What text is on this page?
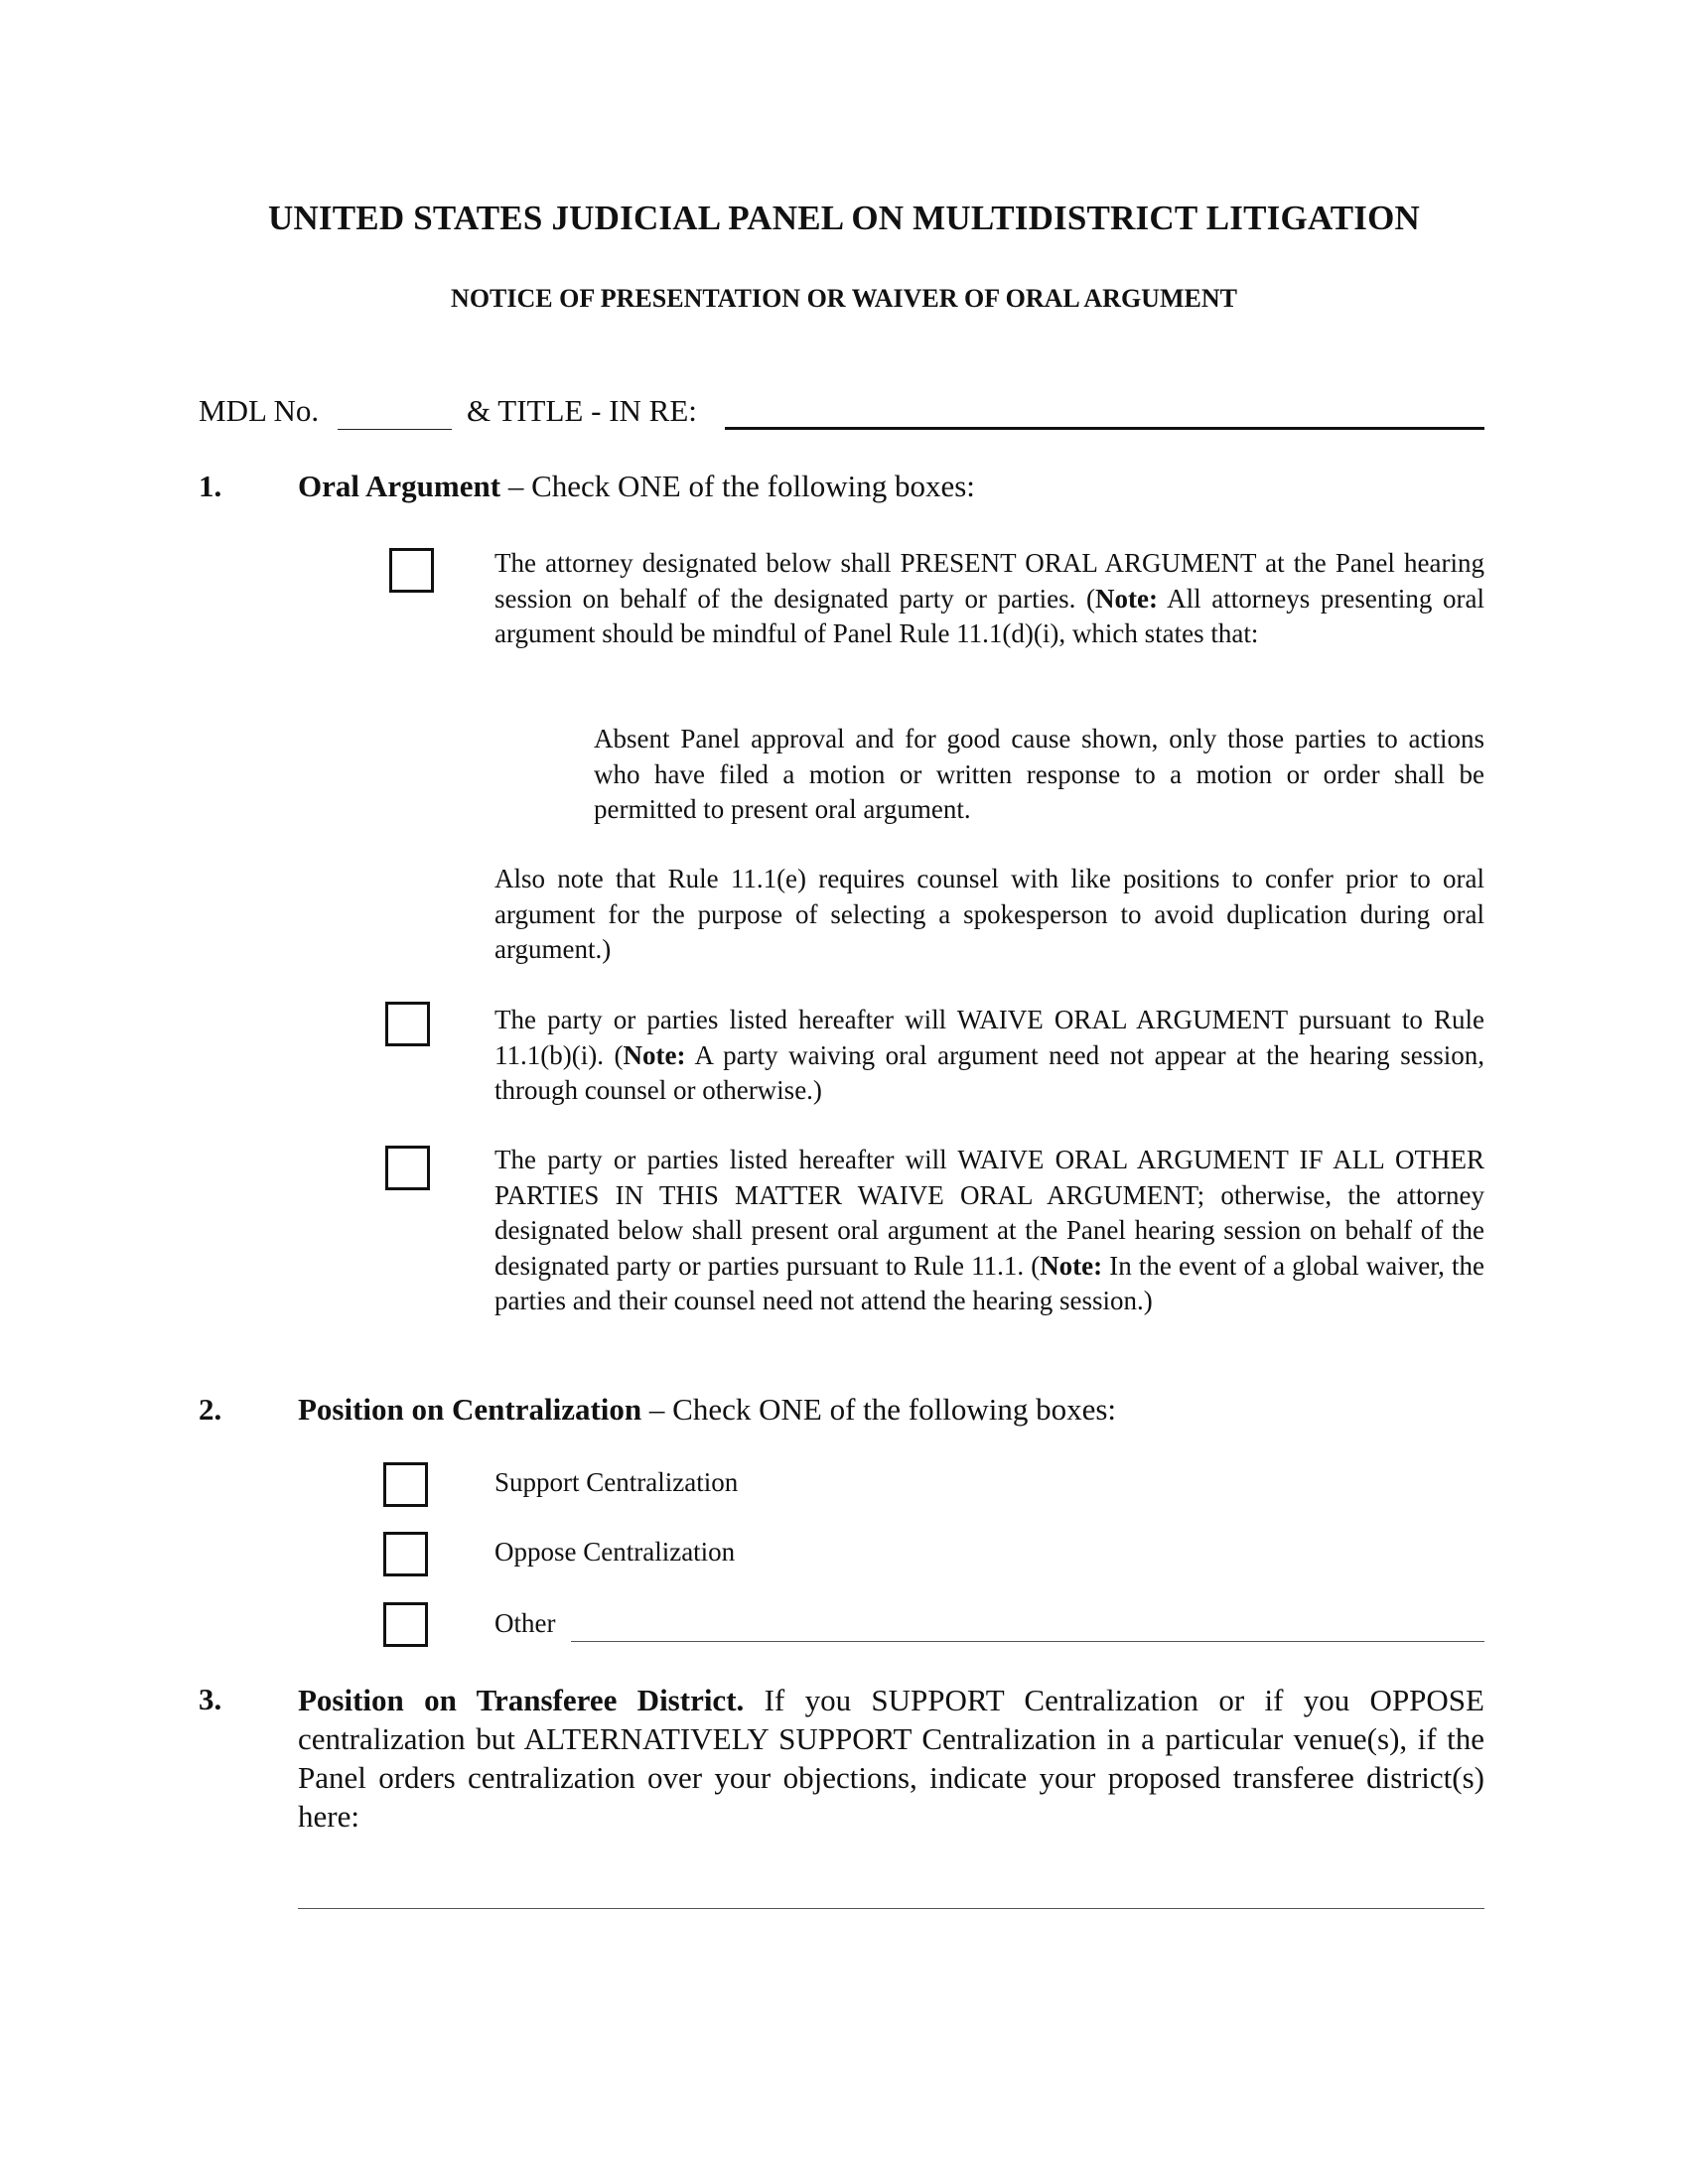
UNITED STATES JUDICIAL PANEL ON MULTIDISTRICT LITIGATION
NOTICE OF PRESENTATION OR WAIVER OF ORAL ARGUMENT
MDL No.	& TITLE - IN RE:
1. Oral Argument – Check ONE of the following boxes:
The attorney designated below shall PRESENT ORAL ARGUMENT at the Panel hearing session on behalf of the designated party or parties. (Note: All attorneys presenting oral argument should be mindful of Panel Rule 11.1(d)(i), which states that:
Absent Panel approval and for good cause shown, only those parties to actions who have filed a motion or written response to a motion or order shall be permitted to present oral argument.
Also note that Rule 11.1(e) requires counsel with like positions to confer prior to oral argument for the purpose of selecting a spokesperson to avoid duplication during oral argument.)
The party or parties listed hereafter will WAIVE ORAL ARGUMENT pursuant to Rule 11.1(b)(i). (Note: A party waiving oral argument need not appear at the hearing session, through counsel or otherwise.)
The party or parties listed hereafter will WAIVE ORAL ARGUMENT IF ALL OTHER PARTIES IN THIS MATTER WAIVE ORAL ARGUMENT; otherwise, the attorney designated below shall present oral argument at the Panel hearing session on behalf of the designated party or parties pursuant to Rule 11.1. (Note: In the event of a global waiver, the parties and their counsel need not attend the hearing session.)
2. Position on Centralization – Check ONE of the following boxes:
Support Centralization
Oppose Centralization
Other
3. Position on Transferee District. If you SUPPORT Centralization or if you OPPOSE centralization but ALTERNATIVELY SUPPORT Centralization in a particular venue(s), if the Panel orders centralization over your objections, indicate your proposed transferee district(s) here:
